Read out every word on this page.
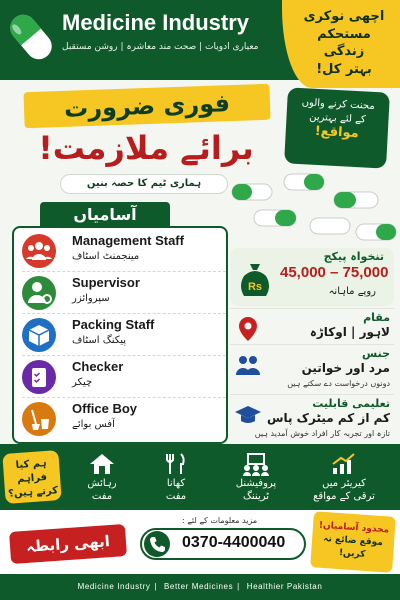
Medicine Industry
معیاری ادویات | صحت مند معاشرہ | روشن مستقبل
اچھی نوکری
مستحکم زندگی
بہتر کل!
فوری ضرورت
برائے ملازمت!
ہماری ٹیم کا حصہ بنیں
محنت کرنے والوں
کے لئے بہترین
مواقع!
آسامیاں
Management Staff
مینجمنٹ اسٹاف
Supervisor
سپروائزر
Packing Staff
پیکنگ اسٹاف
Checker
چیکر
Office Boy
آفس بوائے
Rs
تنخواہ پیکج
45,000 – 75,000
روپے ماہانہ
مقام
لاہور | اوکاڑہ
جنس
مرد اور خواتین
دونوں درخواست دے سکتے ہیں
تعلیمی قابلیت
کم از کم میٹرک پاس
تازہ اور تجربہ کار افراد خوش آمدید ہیں
ہم کیا
فراہم
کرتے ہیں؟
رہائش
مفت
کھانا
مفت
پروفیشنل
ٹریننگ
کیریئر میں
ترقی کے مواقع
ابھی رابطہ
مزید معلومات کے لئے :
0370-4400040
محدود آسامیاں!
موقع ضائع نہ کریں!
Medicine Industry | Better Medicines | Healthier Pakistan
